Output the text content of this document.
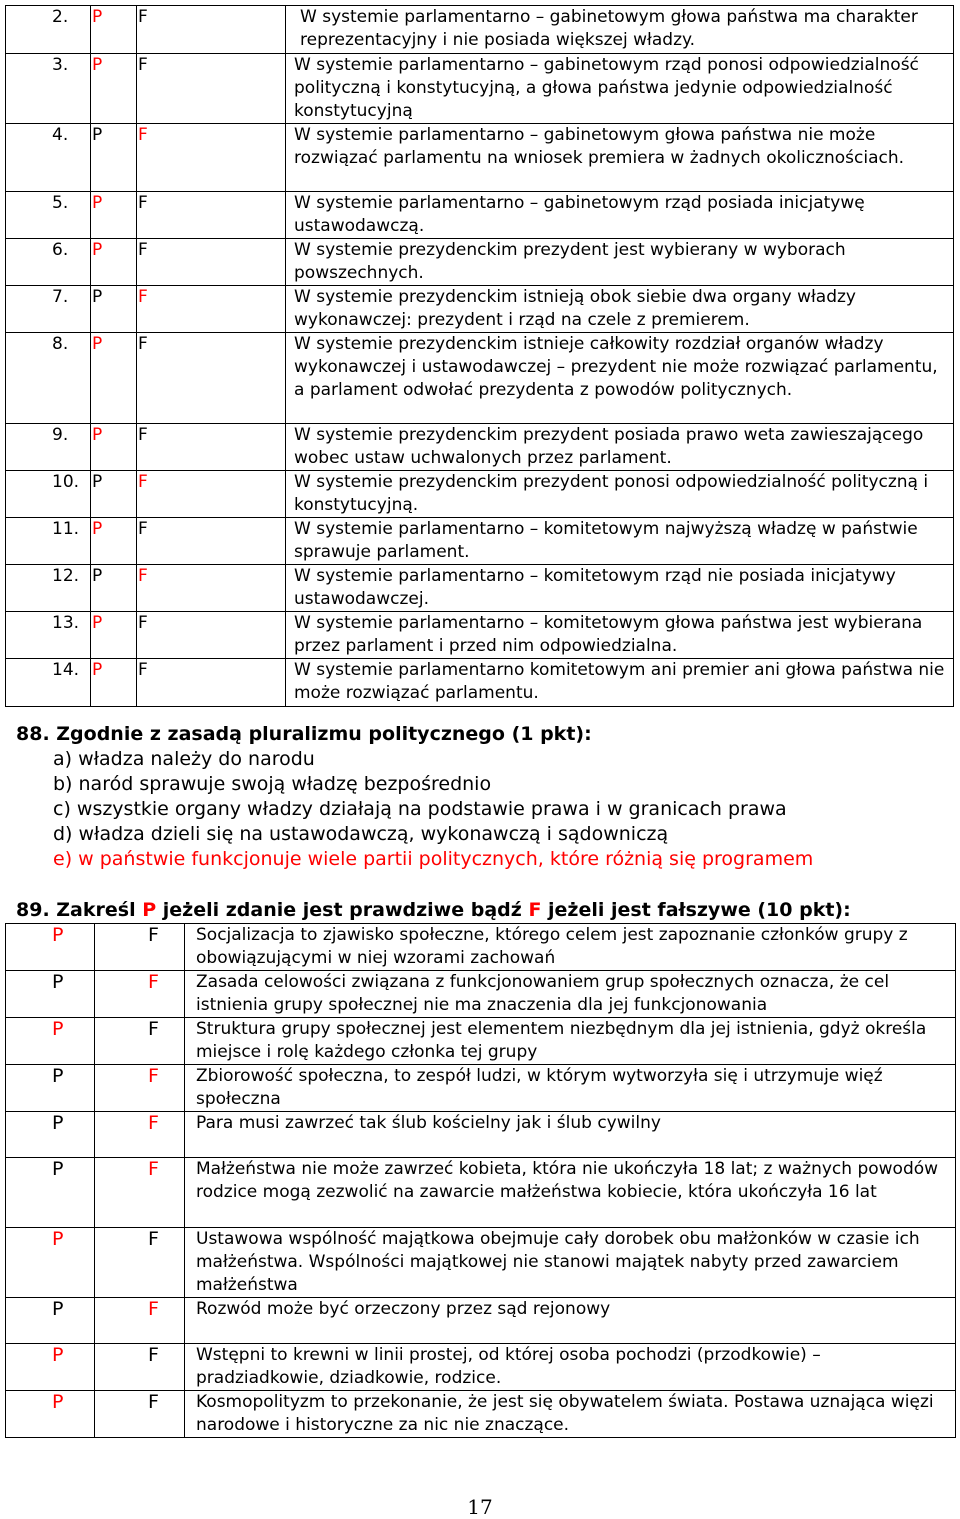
2.	P	F	W systemie parlamentarno – gabinetowym głowa państwa ma charakter reprezentacyjny i nie posiada większej władzy.

3.	P	F	W systemie parlamentarno – gabinetowym rząd ponosi odpowiedzialność polityczną i konstytucyjną, a głowa państwa jedynie odpowiedzialność konstytucyjną

4.	P	F	W systemie parlamentarno – gabinetowym głowa państwa nie może rozwiązać parlamentu na wniosek premiera w żadnych okolicznościach.

5.	P	F	W systemie parlamentarno – gabinetowym rząd posiada inicjatywę ustawodawczą.

6.	P	F	W systemie prezydenckim prezydent jest wybierany w wyborach powszechnych.

7.	P	F	W systemie prezydenckim istnieją obok siebie dwa organy władzy wykonawczej: prezydent i rząd na czele z premierem.

8.	P	F	W systemie prezydenckim istnieje całkowity rozdział organów władzy wykonawczej i ustawodawczej – prezydent nie może rozwiązać parlamentu, a parlament odwołać prezydenta z powodów politycznych.

9.	P	F	W systemie prezydenckim prezydent posiada prawo weta zawieszającego wobec ustaw uchwalonych przez parlament.

10.	P	F	W systemie prezydenckim prezydent ponosi odpowiedzialność polityczną i konstytucyjną.

11.	P	F	W systemie parlamentarno – komitetowym najwyższą władzę w państwie sprawuje parlament.

12.	P	F	W systemie parlamentarno – komitetowym rząd nie posiada inicjatywy ustawodawczej.

13.	P	F	W systemie parlamentarno – komitetowym głowa państwa jest wybierana przez parlament i przed nim odpowiedzialna.

14.	P	F	W systemie parlamentarno komitetowym ani premier ani głowa państwa nie może rozwiązać parlamentu.
88. Zgodnie z zasadą pluralizmu politycznego (1 pkt):
a) władza należy do narodu
b) naród sprawuje swoją władzę bezpośrednio
c) wszystkie organy władzy działają na podstawie prawa i w granicach prawa
d) władza dzieli się na ustawodawczą, wykonawczą i sądowniczą
e) w państwie funkcjonuje wiele partii politycznych, które różnią się programem
89. Zakreśl P jeżeli zdanie jest prawdziwe bądź F jeżeli jest fałszywe (10 pkt):
P	F	Socjalizacja to zjawisko społeczne, którego celem jest zapoznanie członków grupy z obowiązującymi w niej wzorami zachowań

P	F	Zasada celowości związana z funkcjonowaniem grup społecznych oznacza, że cel istnienia grupy społecznej nie ma znaczenia dla jej funkcjonowania

P	F	Struktura grupy społecznej jest elementem niezbędnym dla jej istnienia, gdyż określa miejsce i rolę każdego członka tej grupy

P	F	Zbiorowość społeczna, to zespół ludzi, w którym wytworzyła się i utrzymuje więź społeczna

P	F	Para musi zawrzeć tak ślub kościelny jak i ślub cywilny

P	F	Małżeństwa nie może zawrzeć kobieta, która nie ukończyła 18 lat; z ważnych powodów rodzice mogą zezwolić na zawarcie małżeństwa kobiecie, która ukończyła 16 lat

P	F	Ustawowa wspólność majątkowa obejmuje cały dorobek obu małżonków w czasie ich małżeństwa. Wspólności majątkowej nie stanowi majątek nabyty przed zawarciem małżeństwa

P	F	Rozwód może być orzeczony przez sąd rejonowy

P	F	Wstępni to krewni w linii prostej, od której osoba pochodzi (przodkowie) – pradziadkowie, dziadkowie, rodzice.

P	F	Kosmopolityzm to przekonanie, że jest się obywatelem świata. Postawa uznająca więzi narodowe i historyczne za nic nie znaczące.
17
